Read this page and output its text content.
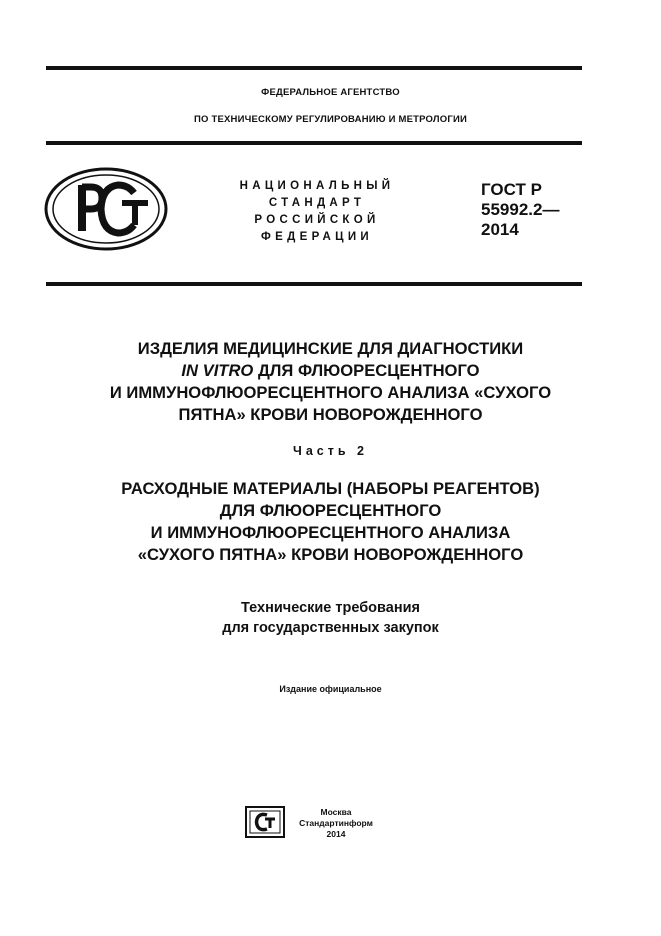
ФЕДЕРАЛЬНОЕ АГЕНТСТВО
ПО ТЕХНИЧЕСКОМУ РЕГУЛИРОВАНИЮ И МЕТРОЛОГИИ
НАЦИОНАЛЬНЫЙ
СТАНДАРТ
РОССИЙСКОЙ
ФЕДЕРАЦИИ
ГОСТ Р
55992.2—
2014
ИЗДЕЛИЯ МЕДИЦИНСКИЕ ДЛЯ ДИАГНОСТИКИ
IN VITRO ДЛЯ ФЛЮОРЕСЦЕНТНОГО
И ИММУНОФЛЮОРЕСЦЕНТНОГО АНАЛИЗА «СУХОГО
ПЯТНА» КРОВИ НОВОРОЖДЕННОГО
Часть 2
РАСХОДНЫЕ МАТЕРИАЛЫ (НАБОРЫ РЕАГЕНТОВ)
ДЛЯ ФЛЮОРЕСЦЕНТНОГО
И ИММУНОФЛЮОРЕСЦЕНТНОГО АНАЛИЗА
«СУХОГО ПЯТНА» КРОВИ НОВОРОЖДЕННОГО
Технические требования
для государственных закупок
Издание официальное
Москва
Стандартинформ
2014
